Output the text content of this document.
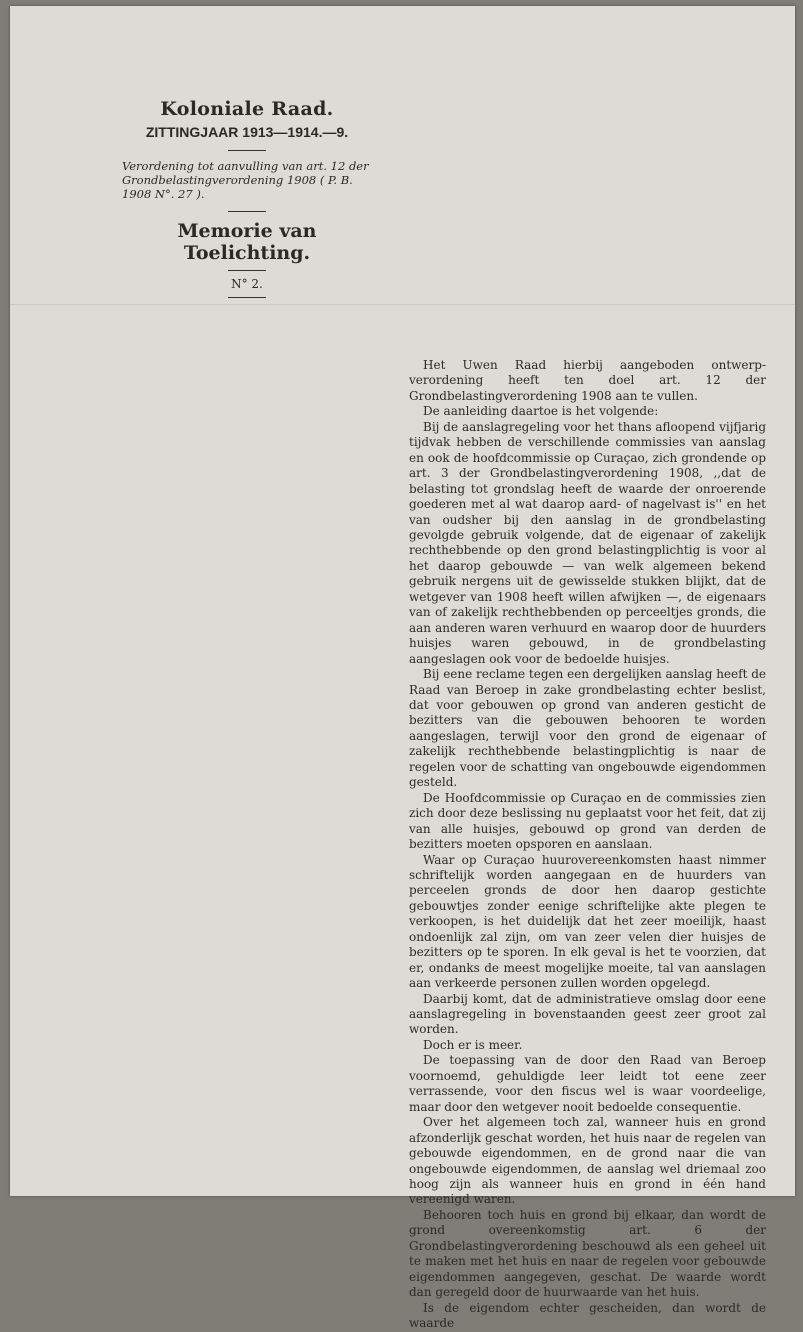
Koloniale Raad.
ZITTINGJAAR 1913—1914.—9.
Verordening tot aanvulling van art. 12 der Grondbelastingverordening 1908 ( P. B. 1908 N°. 27 ).
Memorie van Toelichting.
N° 2.

Het Uwen Raad hierbij aangeboden ontwerp-verordening heeft ten doel art. 12 der Grondbelastingverordening 1908 aan te vullen.

De aanleiding daartoe is het volgende:

Bij de aanslagregeling voor het thans afloopend vijfjarig tijdvak hebben de verschillende commissies van aanslag en ook de hoofdcommissie op Curaçao, zich grondende op art. 3 der Grondbelastingverordening 1908, ,,dat de belasting tot grondslag heeft de waarde der onroerende goederen met al wat daarop aard- of nagelvast is'' en het van oudsher bij den aanslag in de grondbelasting gevolgde gebruik volgende, dat de eigenaar of zakelijk rechthebbende op den grond belastingplichtig is voor al het daarop gebouwde — van welk algemeen bekend gebruik nergens uit de gewisselde stukken blijkt, dat de wetgever van 1908 heeft willen afwijken —, de eigenaars van of zakelijk rechthebbenden op perceeltjes gronds, die aan anderen waren verhuurd en waarop door de huurders huisjes waren gebouwd, in de grondbelasting aangeslagen ook voor de bedoelde huisjes.

Bij eene reclame tegen een dergelijken aanslag heeft de Raad van Beroep in zake grondbelasting echter beslist, dat voor gebouwen op grond van anderen gesticht de bezitters van die gebouwen behooren te worden aangeslagen, terwijl voor den grond de eigenaar of zakelijk rechthebbende belastingplichtig is naar de regelen voor de schatting van ongebouwde eigendommen gesteld.

De Hoofdcommissie op Curaçao en de commissies zien zich door deze beslissing nu geplaatst voor het feit, dat zij van alle huisjes, gebouwd op grond van derden de bezitters moeten opsporen en aanslaan.

Waar op Curaçao huurovereenkomsten haast nimmer schriftelijk worden aangegaan en de huurders van perceelen gronds de door hen daarop gestichte gebouwtjes zonder eenige schriftelijke akte plegen te verkoopen, is het duidelijk dat het zeer moeilijk, haast ondoenlijk zal zijn, om van zeer velen dier huisjes de bezitters op te sporen. In elk geval is het te voorzien, dat er, ondanks de meest mogelijke moeite, tal van aanslagen aan verkeerde personen zullen worden opgelegd.

Daarbij komt, dat de administratieve omslag door eene aanslagregeling in bovenstaanden geest zeer groot zal worden.

Doch er is meer.

De toepassing van de door den Raad van Beroep voornoemd, gehuldigde leer leidt tot eene zeer verrassende, voor den fiscus wel is waar voordeelige, maar door den wetgever nooit bedoelde consequentie.

Over het algemeen toch zal, wanneer huis en grond afzonderlijk geschat worden, het huis naar de regelen van gebouwde eigendommen, en de grond naar die van ongebouwde eigendommen, de aanslag wel driemaal zoo hoog zijn als wanneer huis en grond in één hand vereenigd waren.

Behooren toch huis en grond bij elkaar, dan wordt de grond overeenkomstig art. 6 der Grondbelastingverordening beschouwd als een geheel uit te maken met het huis en naar de regelen voor gebouwde eigendommen aangegeven, geschat. De waarde wordt dan geregeld door de huurwaarde van het huis.

Is de eigendom echter gescheiden, dan wordt de waarde
